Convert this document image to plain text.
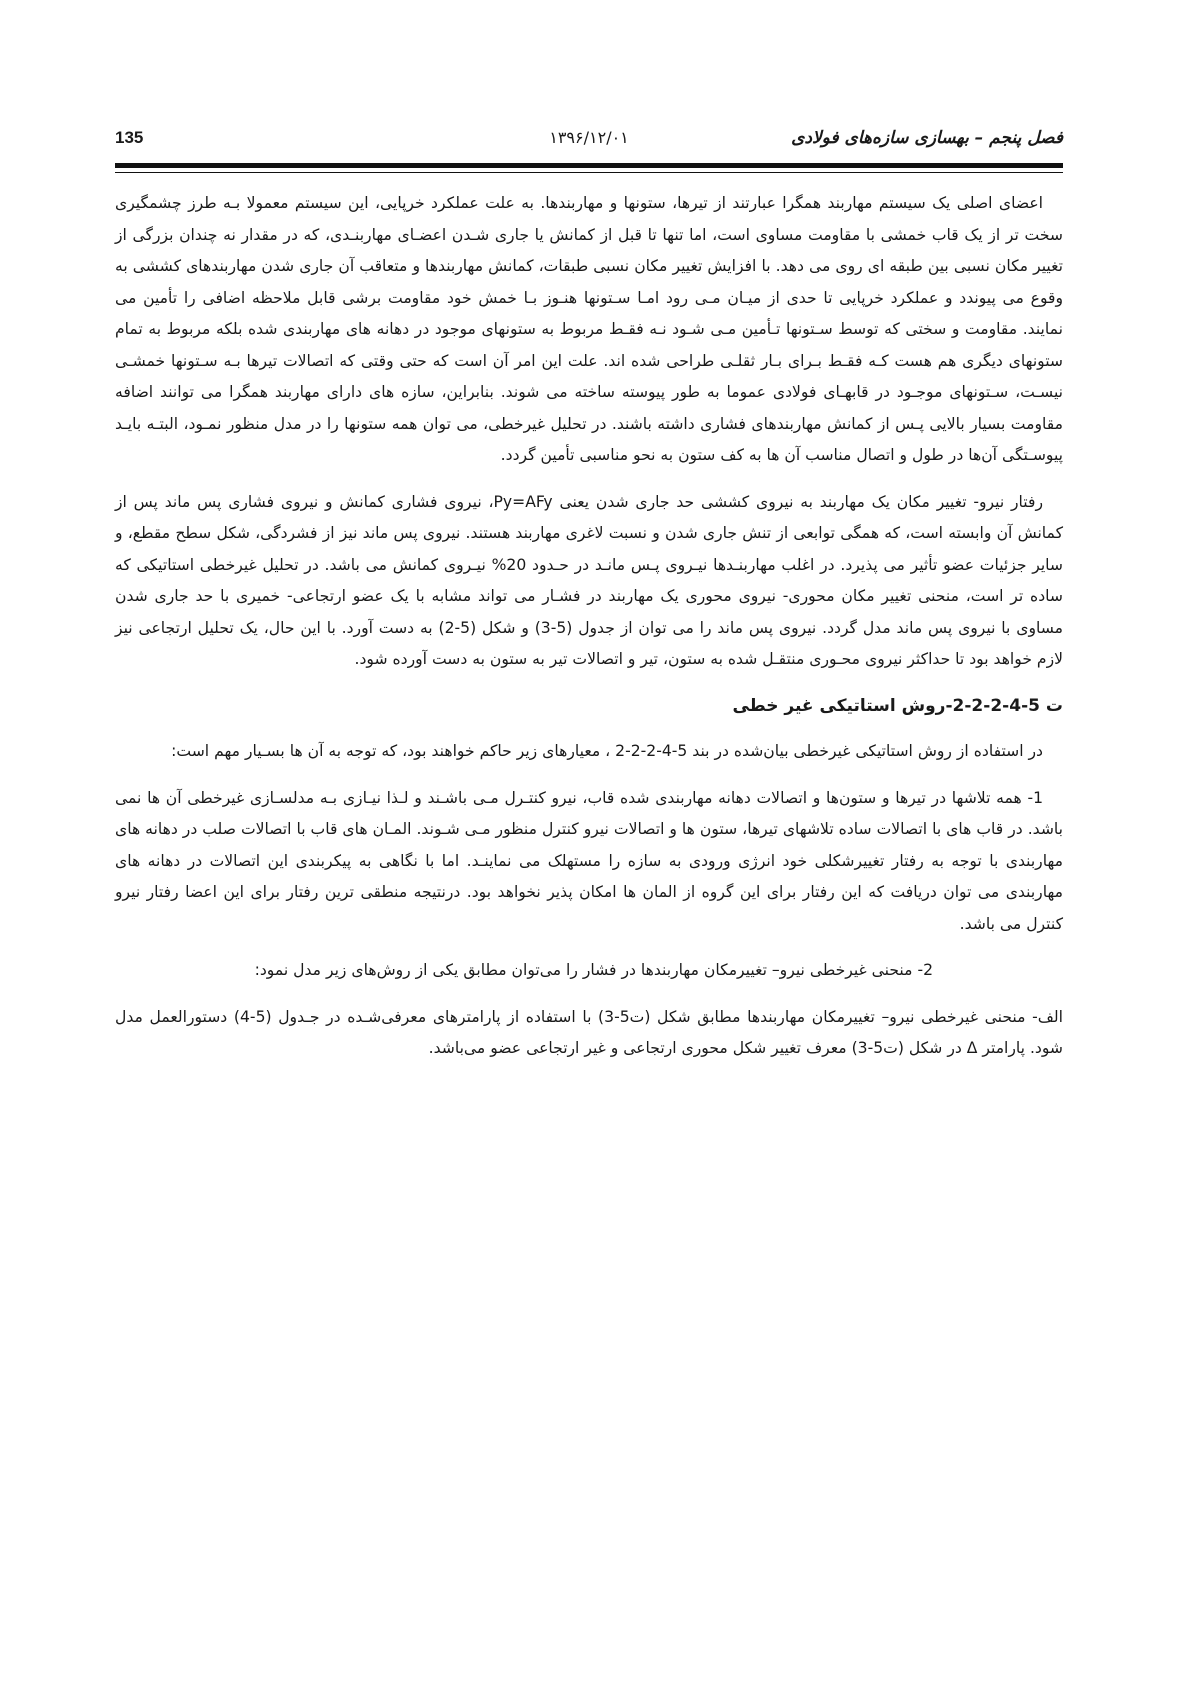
فصل پنجم – بهسازی سازه‌های فولادی
۱۳۹۶/۱۲/۰۱
135

اعضای اصلی یک سیستم مهاربند همگرا عبارتند از تیرها، ستونها و مهاربندها. به علت عملکرد خرپایی، این سیستم معمولا بـه طرز چشمگیری سخت تر از یک قاب خمشی با مقاومت مساوی است، اما تنها تا قبل از کمانش یا جاری شـدن اعضـای مهاربنـدی، که در مقدار نه چندان بزرگی از تغییر مکان نسبی بین طبقه ای روی می دهد. با افزایش تغییر مکان نسبی طبقات، کمانش مهاربندها و متعاقب آن جاری شدن مهاربندهای کششی به وقوع می پیوندد و عملکرد خرپایی تا حدی از میـان مـی رود امـا سـتونها هنـوز بـا خمش خود مقاومت برشی قابل ملاحظه اضافی را تأمین می نمایند. مقاومت و سختی که توسط سـتونها تـأمین مـی شـود نـه فقـط مربوط به ستونهای موجود در دهانه های مهاربندی شده بلکه مربوط به تمام ستونهای دیگری هم هست کـه فقـط بـرای بـار ثقلـی طراحی شده اند. علت این امر آن است که حتی وقتی که اتصالات تیرها بـه سـتونها خمشـی نیسـت، سـتونهای موجـود در قابهـای فولادی عموما به طور پیوسته ساخته می شوند. بنابراین، سازه های دارای مهاربند همگرا می توانند اضافه مقاومت بسیار بالایی پـس از کمانش مهاربندهای فشاری داشته باشند. در تحلیل غیرخطی، می توان همه ستونها را در مدل منظور نمـود، البتـه بایـد پیوسـتگی آن‌ها در طول و اتصال مناسب آن ها به کف ستون به نحو مناسبی تأمین گردد.

رفتار نیرو- تغییر مکان یک مهاربند به نیروی کششی حد جاری شدن یعنی Py=AFy، نیروی فشاری کمانش و نیروی فشاری پس ماند پس از کمانش آن وابسته است، که همگی توابعی از تنش جاری شدن و نسبت لاغری مهاربند هستند. نیروی پس ماند نیز از فشردگی، شکل سطح مقطع، و سایر جزئیات عضو تأثیر می پذیرد. در اغلب مهاربنـدها نیـروی پـس مانـد در حـدود 20% نیـروی کمانش می باشد. در تحلیل غیرخطی استاتیکی که ساده تر است، منحنی تغییر مکان محوری- نیروی محوری یک مهاربند در فشـار می تواند مشابه با یک عضو ارتجاعی- خمیری با حد جاری شدن مساوی با نیروی پس ماند مدل گردد. نیروی پس ماند را می توان از جدول (5-3) و شکل (5-2) به دست آورد. با این حال، یک تحلیل ارتجاعی نیز لازم خواهد بود تا حداکثر نیروی محـوری منتقـل شده به ستون، تیر و اتصالات تیر به ستون به دست آورده شود.

ت 5-4-2-2-2-روش استاتیکی غیر خطی

در استفاده از روش استاتیکی غیرخطی بیان‌شده در بند 5-4-2-2-2 ، معیارهای زیر حاکم خواهند بود، که توجه به آن ها بسـیار مهم است:

1- همه تلاشها در تیرها و ستون‌ها و اتصالات دهانه مهاربندی شده قاب، نیرو کنتـرل مـی باشـند و لـذا نیـازی بـه مدلسـازی غیرخطی آن ها نمی باشد. در قاب های با اتصالات ساده تلاشهای تیرها، ستون ها و اتصالات نیرو کنترل منظور مـی شـوند. المـان های قاب با اتصالات صلب در دهانه های مهاربندی با توجه به رفتار تغییرشکلی خود انرژی ورودی به سازه را مستهلک می نماینـد. اما با نگاهی به پیکربندی این اتصالات در دهانه های مهاربندی می توان دریافت که این رفتار برای این گروه از المان ها امکان پذیر نخواهد بود. درنتیجه منطقی ترین رفتار برای این اعضا رفتار نیرو کنترل می باشد.

2- منحنی غیرخطی نیرو– تغییرمکان مهاربندها در فشار را می‌توان مطابق یکی از روش‌های زیر مدل نمود:

الف- منحنی غیرخطی نیرو– تغییرمکان مهاربندها مطابق شکل (ت5-3) با استفاده از پارامترهای معرفی‌شـده در جـدول (5-4) دستورالعمل مدل شود. پارامتر Δ در شکل (ت5-3) معرف تغییر شکل محوری ارتجاعی و غیر ارتجاعی عضو می‌باشد.
